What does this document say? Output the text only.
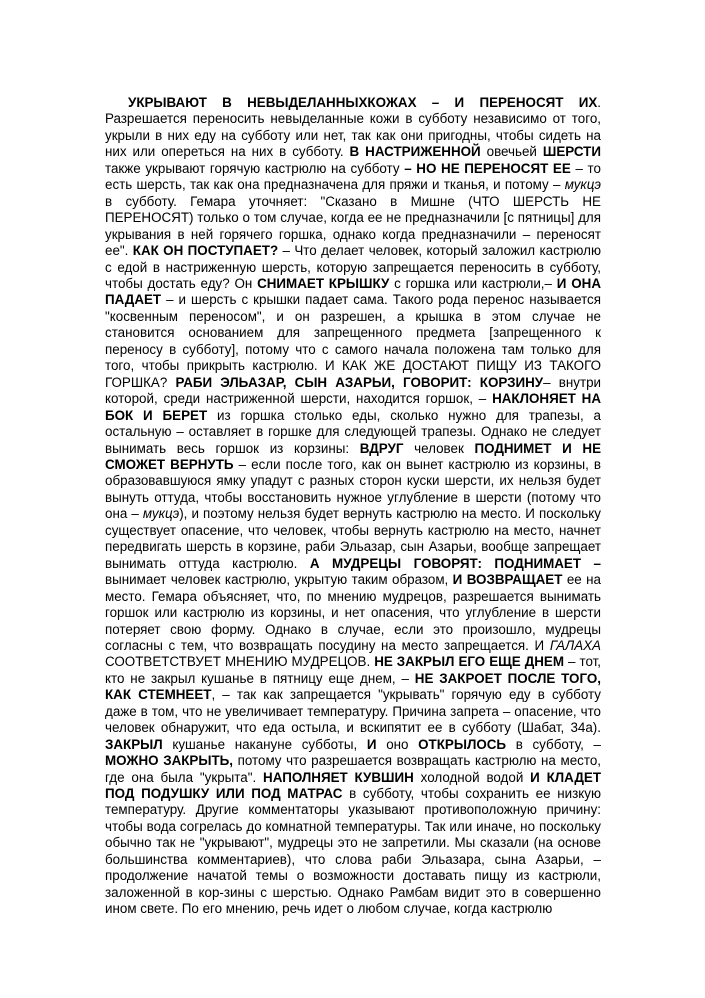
УКРЫВАЮТ В НЕВЫДЕЛАННЫХКОЖАХ – И ПЕРЕНОСЯТ ИХ. Разрешается переносить невыделанные кожи в субботу независимо от того, укрыли в них еду на субботу или нет, так как они пригодны, чтобы сидеть на них или опереться на них в субботу. В НАСТРИЖЕННОЙ овечьей ШЕРСТИ также укрывают горячую кастрюлю на субботу – НО НЕ ПЕРЕНОСЯТ ЕЕ – то есть шерсть, так как она предназначена для пряжи и тканья, и потому – мукцэ в субботу. Гемара уточняет: "Сказано в Мишне (ЧТО ШЕРСТЬ НЕ ПЕРЕНОСЯТ) только о том случае, когда ее не предназначили [с пятницы] для укрывания в ней горячего горшка, однако когда предназначили – переносят ее". КАК ОН ПОСТУПАЕТ? – Что делает человек, который заложил кастрюлю с едой в настриженную шерсть, которую запрещается переносить в субботу, чтобы достать еду? Он СНИМАЕТ КРЫШКУ с горшка или кастрюли,– И ОНА ПАДАЕТ – и шерсть с крышки падает сама. Такого рода перенос называется "косвенным переносом", и он разрешен, а крышка в этом случае не становится основанием для запрещенного предмета [запрещенного к переносу в субботу], потому что с самого начала положена там только для того, чтобы прикрыть кастрюлю. И КАК ЖЕ ДОСТАЮТ ПИЩУ ИЗ ТАКОГО ГОРШКА? РАБИ ЭЛЬАЗАР, СЫН АЗАРЬИ, ГОВОРИТ: КОРЗИНУ– внутри которой, среди настриженной шерсти, находится горшок, – НАКЛОНЯЕТ НА БОК И БЕРЕТ из горшка столько еды, сколько нужно для трапезы, а остальную – оставляет в горшке для следующей трапезы. Однако не следует вынимать весь горшок из корзины: ВДРУГ человек ПОДНИМЕТ И НЕ СМОЖЕТ ВЕРНУТЬ – если после того, как он вынет кастрюлю из корзины, в образовавшуюся ямку упадут с разных сторон куски шерсти, их нельзя будет вынуть оттуда, чтобы восстановить нужное углубление в шерсти (потому что она – мукцэ), и поэтому нельзя будет вернуть кастрюлю на место. И поскольку существует опасение, что человек, чтобы вернуть кастрюлю на место, начнет передвигать шерсть в корзине, раби Эльазар, сын Азарьи, вообще запрещает вынимать оттуда кастрюлю. А МУДРЕЦЫ ГОВОРЯТ: ПОДНИМАЕТ – вынимает человек кастрюлю, укрытую таким образом, И ВОЗВРАЩАЕТ ее на место. Гемара объясняет, что, по мнению мудрецов, разрешается вынимать горшок или кастрюлю из корзины, и нет опасения, что углубление в шерсти потеряет свою форму. Однако в случае, если это произошло, мудрецы согласны с тем, что возвращать посудину на место запрещается. И ГАЛАХА СООТВЕТСТВУЕТ МНЕНИЮ МУДРЕЦОВ. НЕ ЗАКРЫЛ ЕГО ЕЩЕ ДНЕМ – тот, кто не закрыл кушанье в пятницу еще днем, – НЕ ЗАКРОЕТ ПОСЛЕ ТОГО, КАК СТЕМНЕЕТ, – так как запрещается "укрывать" горячую еду в субботу даже в том, что не увеличивает температуру. Причина запрета – опасение, что человек обнаружит, что еда остыла, и вскипятит ее в субботу (Шабат, 34а). ЗАКРЫЛ кушанье накануне субботы, И оно ОТКРЫЛОСЬ в субботу, – МОЖНО ЗАКРЫТЬ, потому что разрешается возвращать кастрюлю на место, где она была "укрыта". НАПОЛНЯЕТ КУВШИН холодной водой И КЛАДЕТ ПОД ПОДУШКУ ИЛИ ПОД МАТРАС в субботу, чтобы сохранить ее низкую температуру. Другие комментаторы указывают противоположную причину: чтобы вода согрелась до комнатной температуры. Так или иначе, но поскольку обычно так не "укрывают", мудрецы это не запретили. Мы сказали (на основе большинства комментариев), что слова раби Эльазара, сына Азарьи, – продолжение начатой темы о возможности доставать пищу из кастрюли, заложенной в кор-зины с шерстью. Однако Рамбам видит это в совершенно ином свете. По его мнению, речь идет о любом случае, когда кастрюлю
